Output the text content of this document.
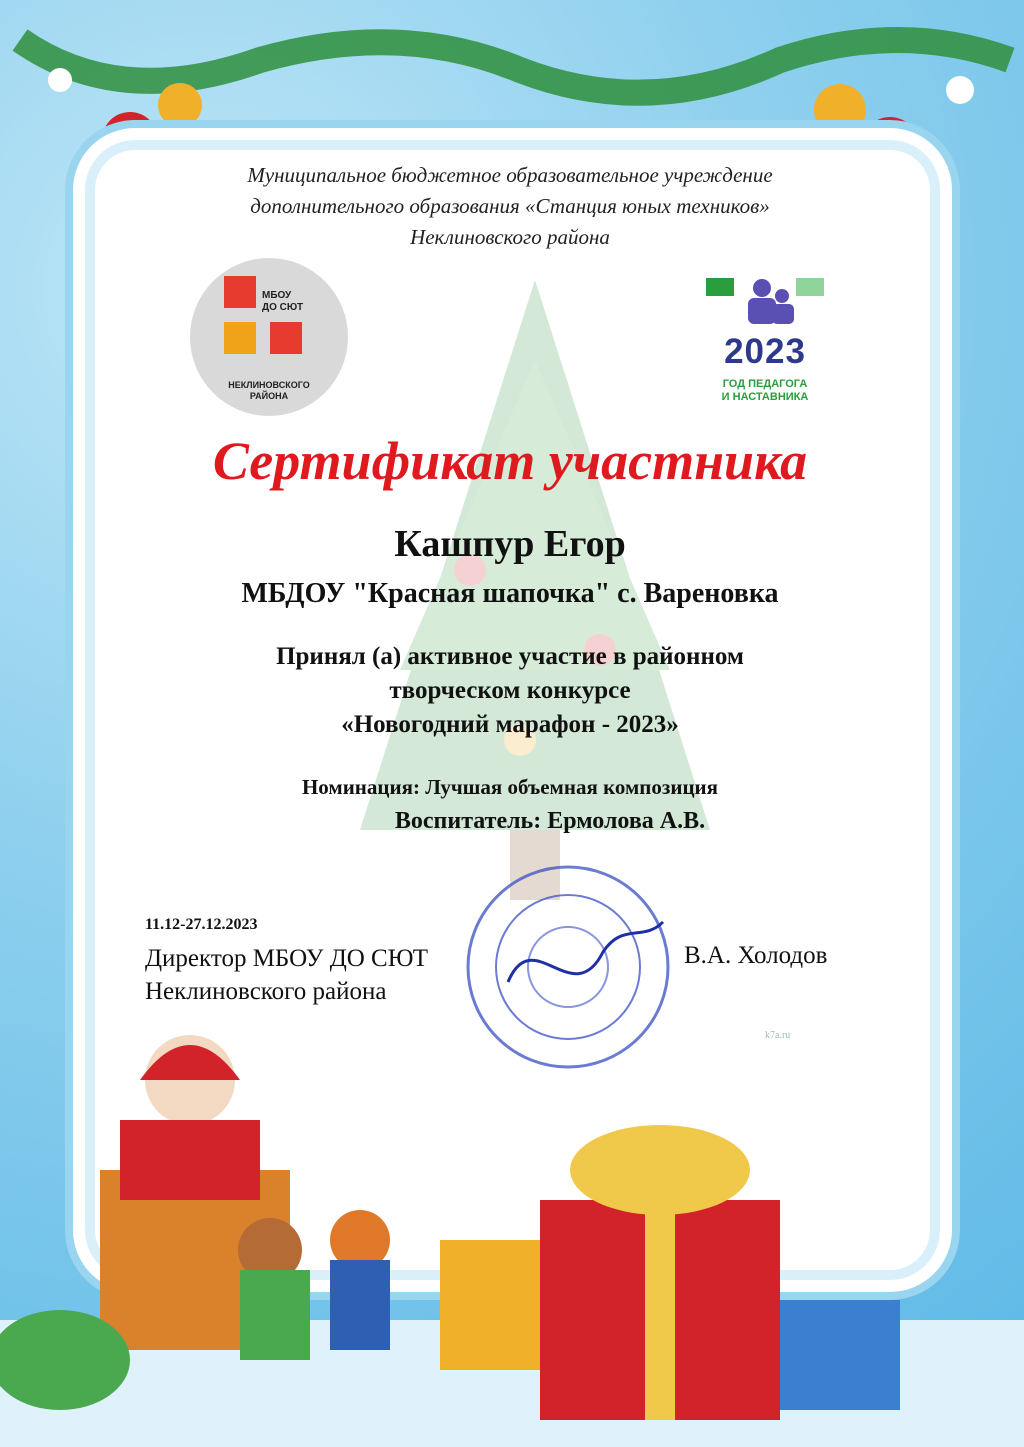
Муниципальное бюджетное образовательное учреждение
дополнительного образования «Станция юных техников»
Неклиновского района
МБОУ
ДО СЮТ
НЕКЛИНОВСКОГО
РАЙОНА
2023
ГОД ПЕДАГОГА
И НАСТАВНИКА
Сертификат участника
Кашпур Егор
МБДОУ "Красная шапочка" с. Вареновка
Принял (а) активное участие в районном
творческом конкурсе
«Новогодний марафон - 2023»
Номинация: Лучшая объемная композиция
Воспитатель: Ермолова А.В.
11.12-27.12.2023
Директор МБОУ ДО СЮТ
Неклиновского района
В.А. Холодов
k7a.ru
